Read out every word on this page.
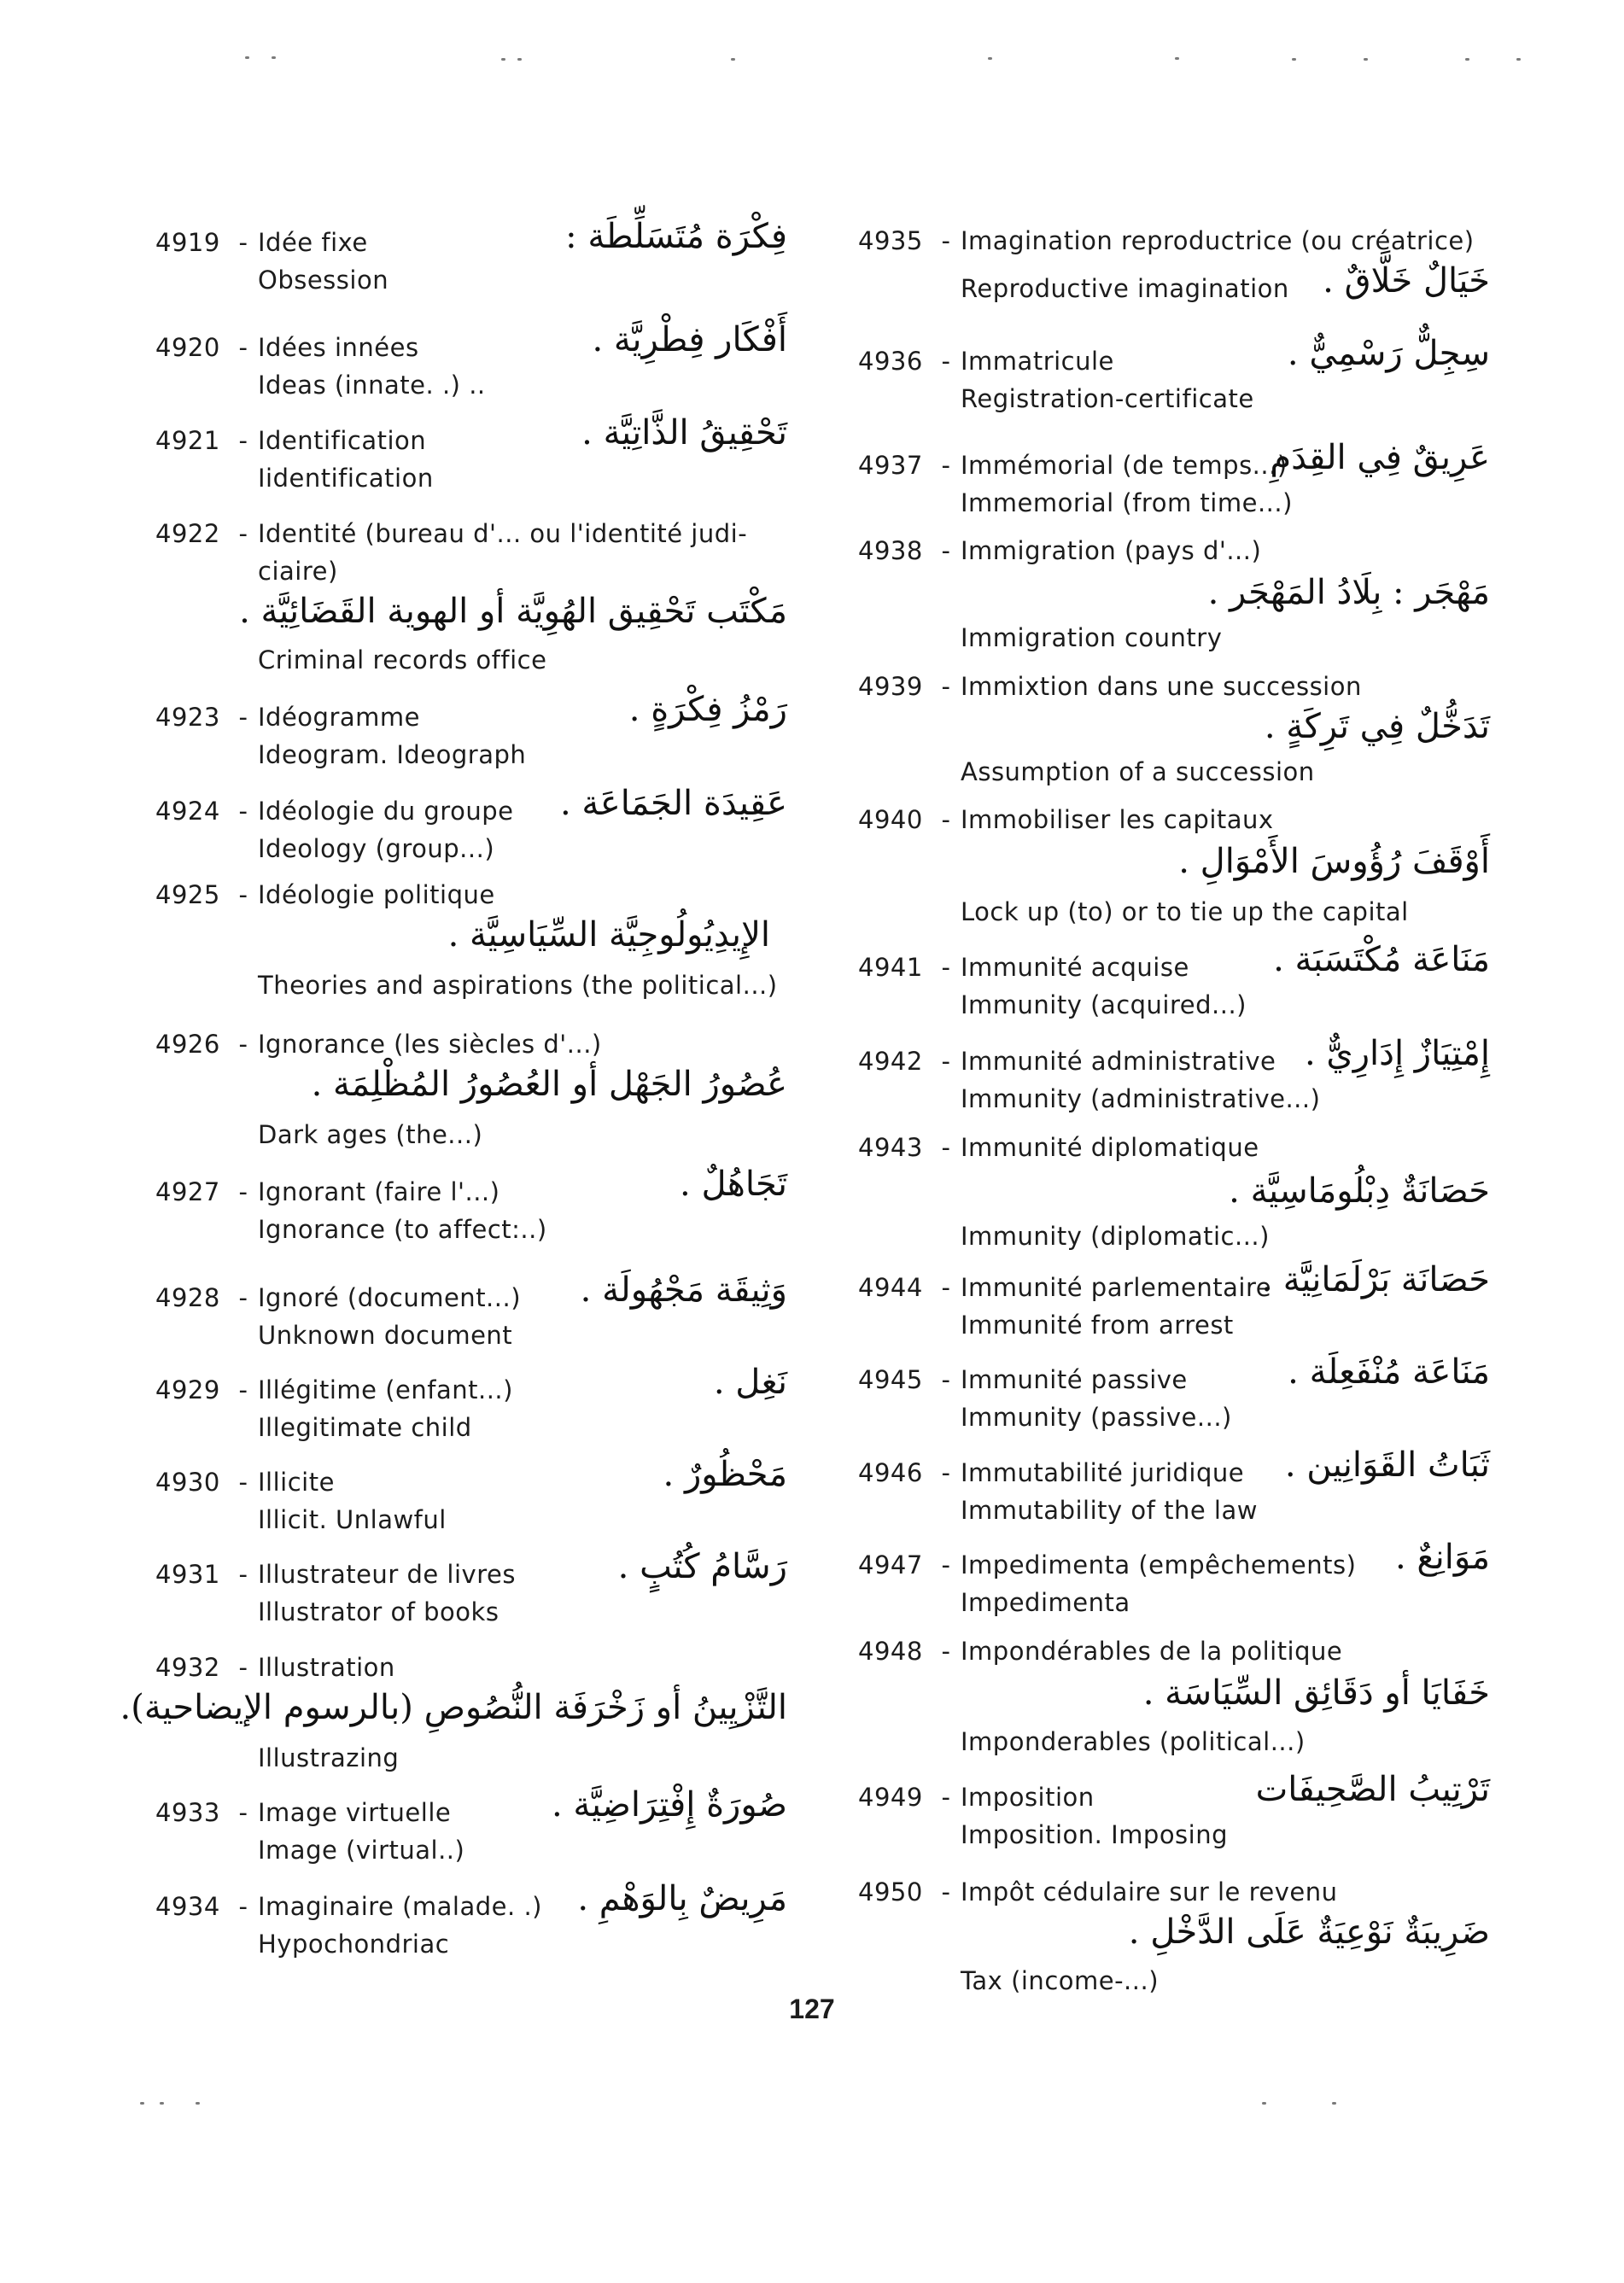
4919 - Idée fixe
Obsession
فِكْرَة مُتَسَلِّطَة :
4920 - Idées innées
Ideas (innate. .) ..
أَفْكَار فِطْرِيَّة .
4921 - Identification
Iidentification
تَحْقِيقُ الذَّاتِيَّة .
4922 - Identité (bureau d'... ou l'identité judi-
ciaire)
مَكْتَب تَحْقِيق الهُوِيَّة أو الهوية القَضَائِيَّة .
Criminal records office
4923 - Idéogramme
Ideogram. Ideograph
رَمْزُ فِكْرَةٍ .
4924 - Idéologie du groupe
Ideology (group...)
عَقِيدَة الجَمَاعَة .
4925 - Idéologie politique
الإِيدِيُولُوجِيَّة السِّيَاسِيَّة .
Theories and aspirations (the political...)
4926 - Ignorance (les siècles d'...)
عُصُورُ الجَهْل أو العُصُورُ المُظْلِمَة .
Dark ages (the...)
4927 - Ignorant (faire l'...)
Ignorance (to affect:..)
تَجَاهُلٌ .
4928 - Ignoré (document...)
Unknown document
وَثِيقَة مَجْهُولَة .
4929 - Illégitime (enfant...)
Illegitimate child
نَغِل .
4930 - Illicite
Illicit. Unlawful
مَحْظُورٌ .
4931 - Illustrateur de livres
Illustrator of books
رَسَّامُ كُتُبٍ .
4932 - Illustration
التَّزْيِينُ أو زَخْرَفَة النُّصُوصِ (بالرسوم الإيضاحية).
Illustrazing
4933 - Image virtuelle
Image (virtual..)
صُورَةٌ إِفْتِرَاضِيَّة .
4934 - Imaginaire (malade. .)
Hypochondriac
مَرِيضٌ بِالوَهْمِ .
4935 - Imagination reproductrice (ou créatrice)
Reproductive imagination خَيَالٌ خَلَّاقٌ .
4936 - Immatricule
Registration-certificate
سِجِلٌّ رَسْمِيٌّ .
4937 - Immémorial (de temps...)
Immemorial (from time...)
عَرِيقٌ فِي القِدَمِ
4938 - Immigration (pays d'...)
مَهْجَر : بِلَادُ المَهْجَر .
Immigration country
4939 - Immixtion dans une succession
تَدَخُّلٌ فِي تَرِكَةٍ .
Assumption of a succession
4940 - Immobiliser les capitaux
أَوْقَفَ رُؤُوسَ الأَمْوَالِ .
Lock up (to) or to tie up the capital
4941 - Immunité acquise
Immunity (acquired...)
مَنَاعَة مُكْتَسَبَة .
4942 - Immunité administrative
Immunity (administrative...)
إِمْتِيَازٌ إِدَارِيٌّ .
4943 - Immunité diplomatique
حَصَانَةٌ دِبْلُومَاسِيَّة .
Immunity (diplomatic...)
4944 - Immunité parlementaire
Immunité from arrest
حَصَانَة بَرْلَمَانِيَّة .
4945 - Immunité passive
Immunity (passive...)
مَنَاعَة مُنْفَعِلَة .
4946 - Immutabilité juridique
Immutability of the law
ثَبَاتُ القَوَانِين .
4947 - Impedimenta (empêchements)
Impedimenta
مَوَانِعٌ .
4948 - Impondérables de la politique
خَفَايَا أو دَقَائِق السِّيَاسَة .
Imponderables (political...)
4949 - Imposition
Imposition. Imposing
تَرْتِيبُ الصَّحِيفَات
4950 - Impôt cédulaire sur le revenu
ضَرِيبَةٌ نَوْعِيَةٌ عَلَى الدَّخْلِ .
Tax (income-...)
127
